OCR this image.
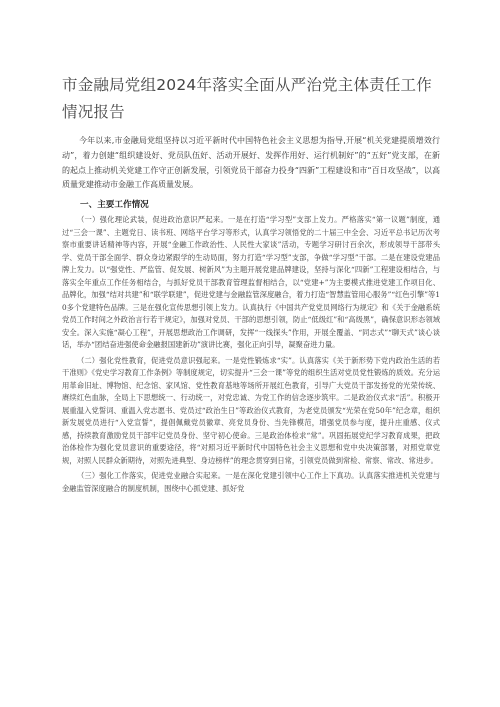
市金融局党组2024年落实全面从严治党主体责任工作情况报告

今年以来,市金融局党组坚持以习近平新时代中国特色社会主义思想为指导,开展“机关党建提质增效行动”，着力创建“组织建设好、党员队伍好、活动开展好、发挥作用好、运行机制好”的“五好”党支部，在新的起点上推动机关党建工作守正创新发展，引领党员干部奋力投身“四新”工程建设和市“百日攻坚战”，以高质量党建推动市金融工作高质量发展。

一、主要工作情况

（一）强化理论武装，促进政治意识严起来。一是在打造“学习型”支部上发力。严格落实“第一议题”制度，通过“三会一课”、主题党日、读书班、网络平台学习等形式，认真学习领悟党的二十届三中全会、习近平总书记历次考察市重要讲话精神等内容，开展“金融工作政治性、人民性大家谈”活动，专题学习研讨百余次，形成领导干部带头学、党员干部全面学、群众身边紧跟学的生动局面，努力打造“学习型”支部，争做“学习型”干部。二是在建设党建品牌上发力。以“强党性、严监管、促发展、树新风”为主题开展党建品牌建设，坚持与深化“四新”工程建设相结合，与落实全年重点工作任务相结合，与抓好党员干部教育管理监督相结合，以“党建+”为主要模式推进党建工作项目化、品牌化，加强“结对共建”和“联学联建”，促进党建与金融监管深度融合，着力打造“智慧监管用心服务”“红色引擎”等10多个党建特色品牌。三是在强化宣传思想引领上发力。认真执行《中国共产党党员网络行为规定》和《关于金融系统党员工作时间之外政治言行若干规定》，加强对党员、干部的思想引领，防止“低级红”和“高级黑”，确保意识形态领域安全。深入实施“凝心工程”，开展思想政治工作调研，发挥“一线探头”作用，开展全覆盖、“同志式”“聊天式”谈心谈话，举办“团结奋进强使命金融报国建新功”演讲比赛，强化正向引导，凝聚奋进力量。

（二）强化党性教育，促进党员意识强起来。一是党性锻炼求“实”。认真落实《关于新形势下党内政治生活的若干准则》《党史学习教育工作条例》等制度规定，切实提升“三会一课”等党的组织生活对党员党性锻炼的质效。充分运用革命旧址、博物馆、纪念馆、家风馆、党性教育基地等场所开展红色教育，引导广大党员干部发扬党的光荣传统、赓续红色血脉，全局上下思想统一、行动统一，对党忠诚、为党工作的信念逐步筑牢。二是政治仪式求“活”。积极开展重温入党誓词、重温入党志愿书、党员过“政治生日”等政治仪式教育，为老党员颁发“光荣在党50年”纪念章，组织新发展党员进行“入党宣誓”，提倡佩戴党员徽章、亮党员身份、当先锋模范，增强党员参与度，提升庄重感、仪式感，持续教育激励党员干部牢记党员身份、坚守初心使命。三是政治体检求“常”。巩固拓展党纪学习教育成果，把政治体检作为强化党员意识的重要途径，将“对照习近平新时代中国特色社会主义思想和党中央决策部署，对照党章党规，对照人民群众新期待，对照先进典型、身边榜样”的理念贯穿到日常，引领党员做到常检、常察、常改、常进步。

（三）强化工作落实，促进党业融合实起来。一是在深化党建引领中心工作上下真功。认真落实推进机关党建与金融监管深度融合的制度机制，围绕中心抓党建、抓好党
